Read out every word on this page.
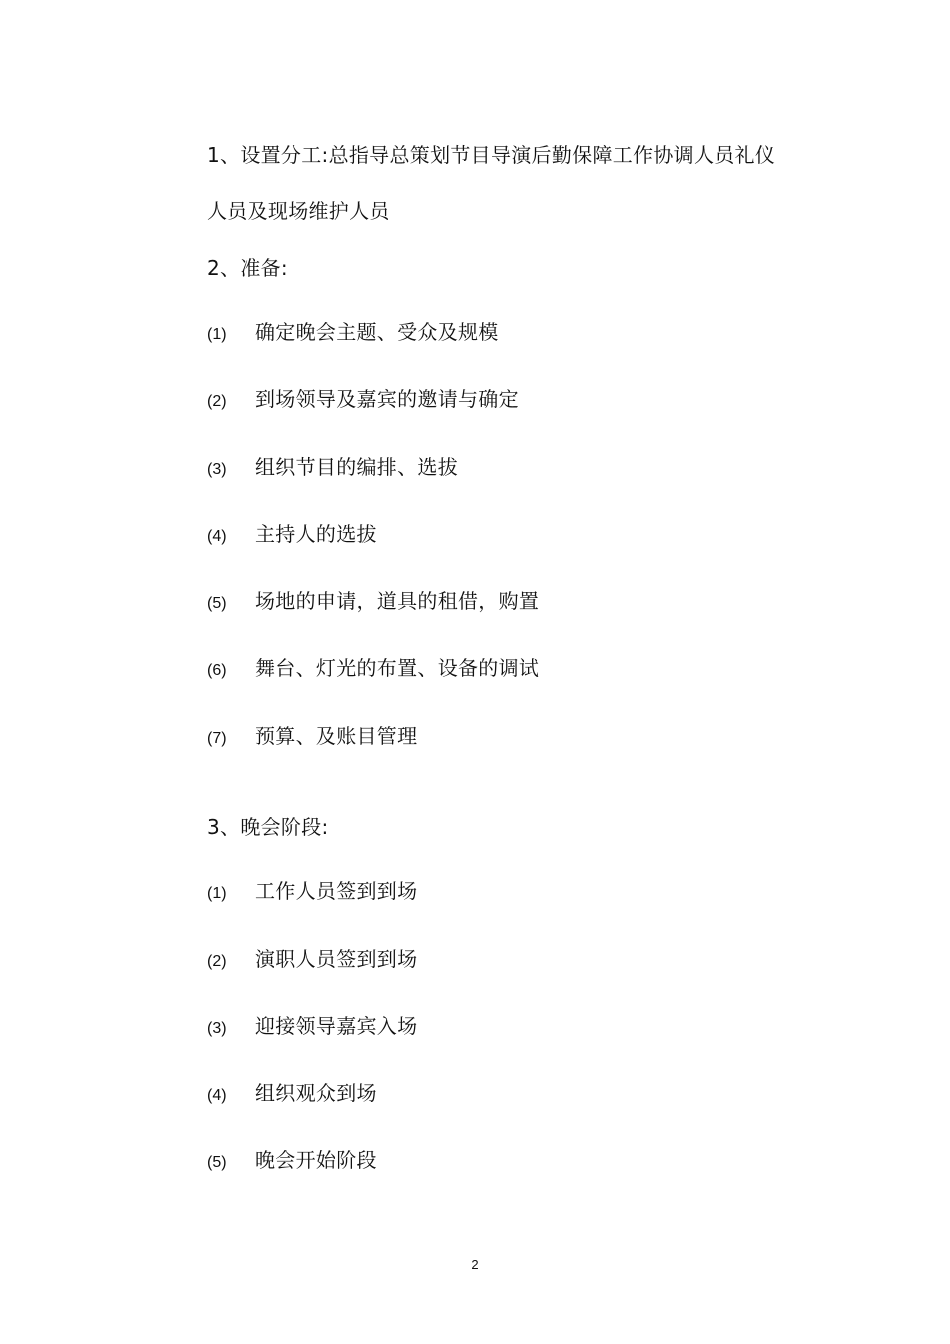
1、设置分工:总指导总策划节目导演后勤保障工作协调人员礼仪
人员及现场维护人员
2、准备:
(1) 确定晚会主题、受众及规模
(2) 到场领导及嘉宾的邀请与确定
(3) 组织节目的编排、选拔
(4) 主持人的选拔
(5) 场地的申请，道具的租借，购置
(6) 舞台、灯光的布置、设备的调试
(7) 预算、及账目管理
3、晚会阶段:
(1) 工作人员签到到场
(2) 演职人员签到到场
(3) 迎接领导嘉宾入场
(4) 组织观众到场
(5) 晚会开始阶段
2
